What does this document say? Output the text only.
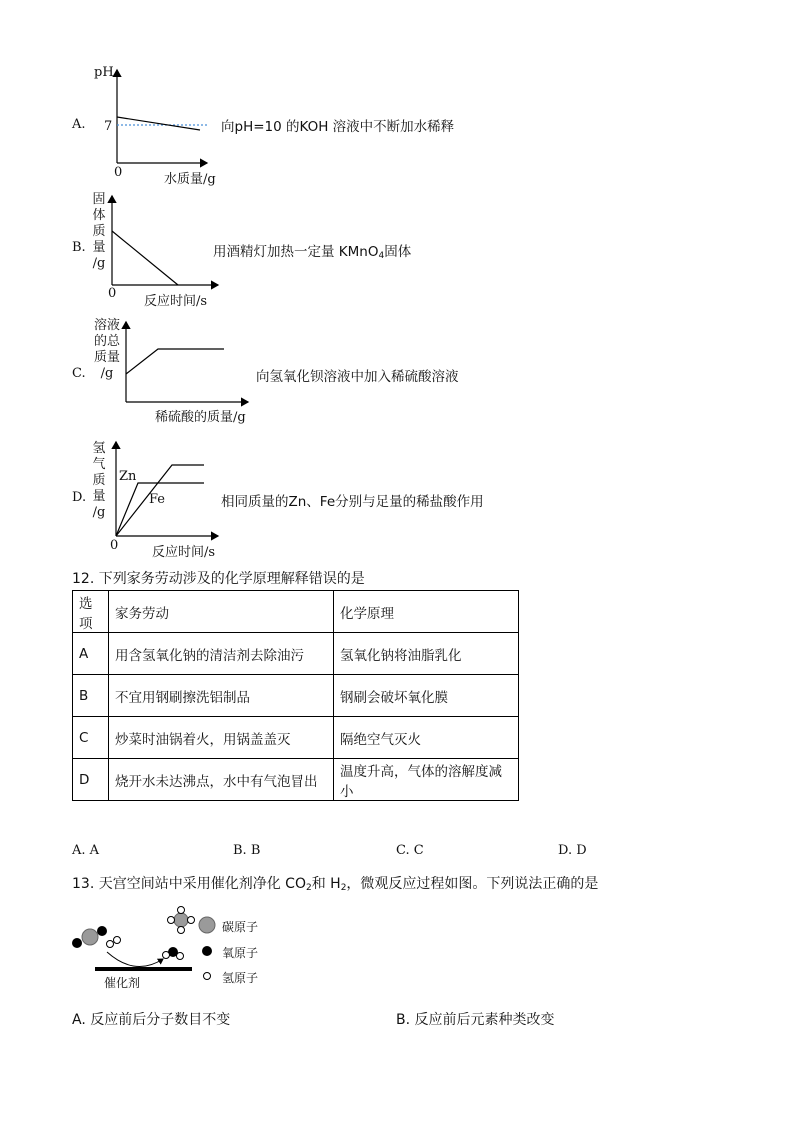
A.
pH
7
0	水质量/g
向pH=10 的KOH 溶液中不断加水稀释
B.
固
体
质
量
/g
0
反应时间/s
用酒精灯加热一定量 KMnO$_4$固体
C.
溶液
的总
质量
/g
稀硫酸的质量/g
向氢氧化钡溶液中加入稀硫酸溶液
D.
氢
气
质
量
/g
Zn
Fe
0	反应时间/s
相同质量的Zn、Fe分别与足量的稀盐酸作用
12. 下列家务劳动涉及的化学原理解释错误的是
选项	家务劳动	化学原理
A	用含氢氧化钠的清洁剂去除油污	氢氧化钠将油脂乳化
B	不宜用钢刷擦洗铝制品	钢刷会破坏氧化膜
C	炒菜时油锅着火，用锅盖盖灭	隔绝空气灭火
D	烧开水未达沸点，水中有气泡冒出	温度升高，气体的溶解度减小
A. A	B. B	C. C	D. D
13. 天宫空间站中采用催化剂净化 $CO_2$和 $H_2$，微观反应过程如图。下列说法正确的是
催化剂
碳原子
氧原子
氢原子
A. 反应前后分子数目不变	B. 反应前后元素种类改变
